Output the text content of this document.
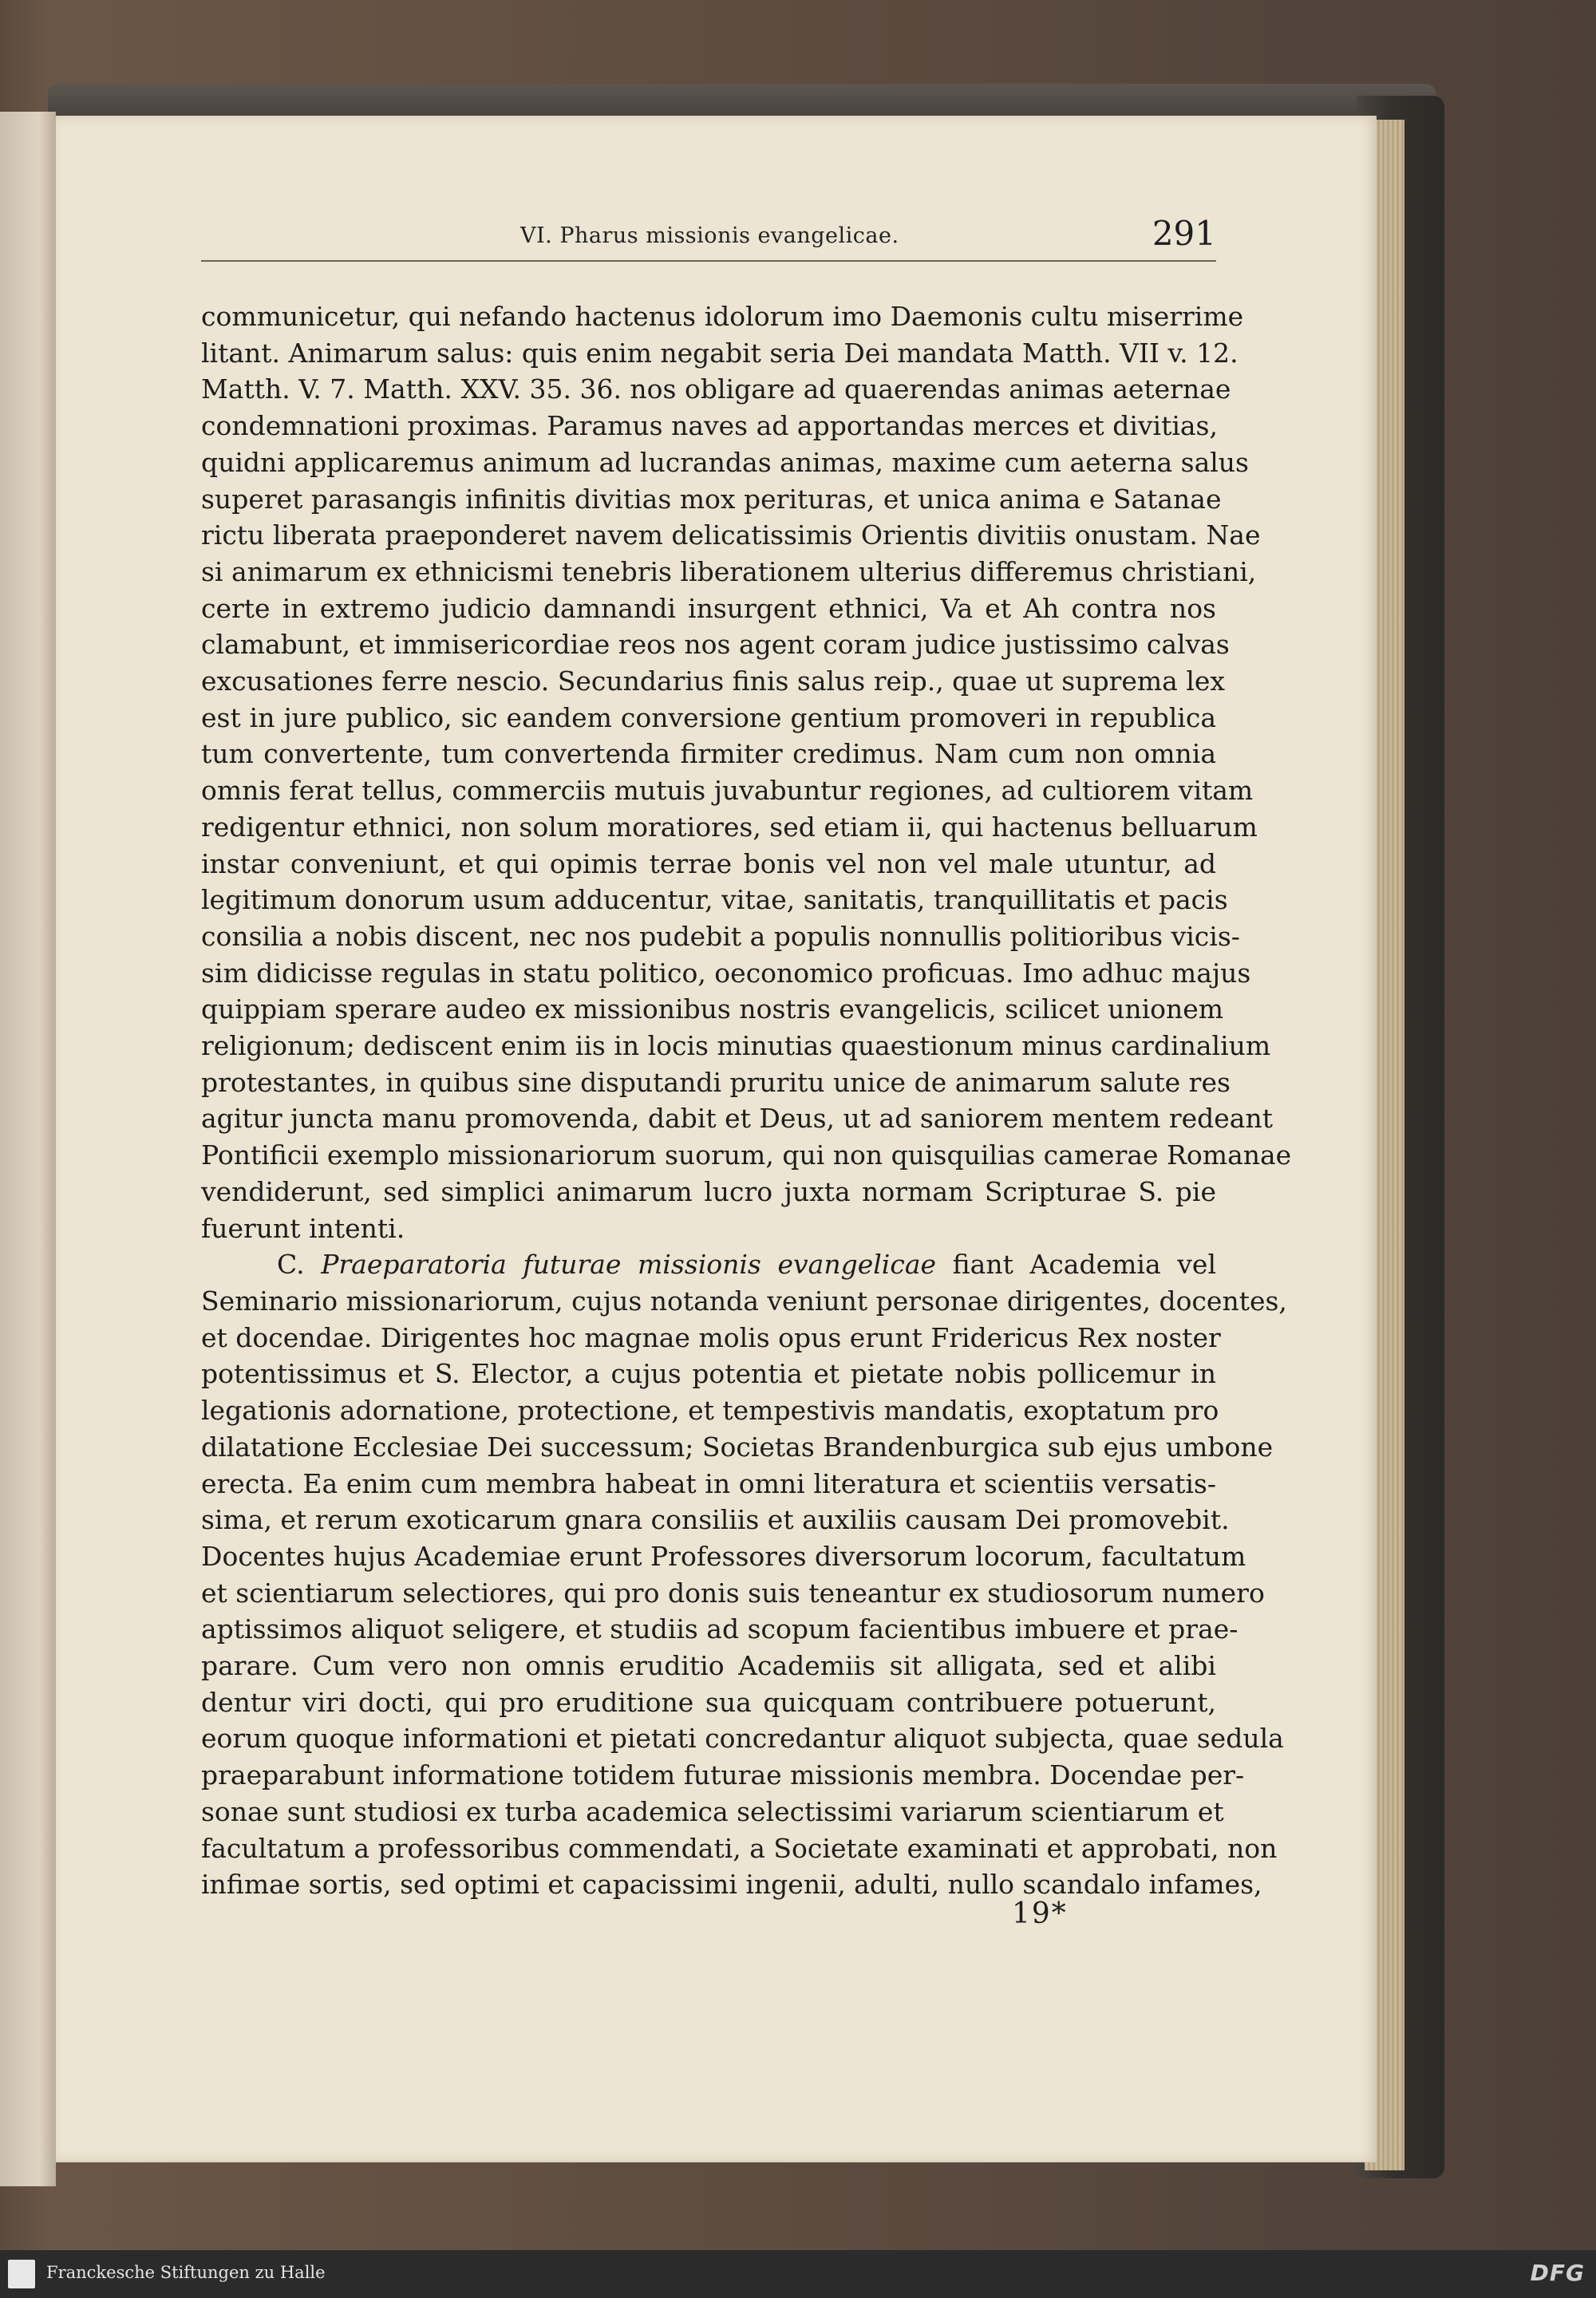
VI. Pharus missionis evangelicae.	291
communicetur, qui nefando hactenus idolorum imo Daemonis cultu miserrime
litant. Animarum salus: quis enim negabit seria Dei mandata Matth. VII v. 12.
Matth. V. 7. Matth. XXV. 35. 36. nos obligare ad quaerendas animas aeternae
condemnationi proximas. Paramus naves ad apportandas merces et divitias,
quidni applicaremus animum ad lucrandas animas, maxime cum aeterna salus
superet parasangis infinitis divitias mox perituras, et unica anima e Satanae
rictu liberata praeponderet navem delicatissimis Orientis divitiis onustam. Nae
si animarum ex ethnicismi tenebris liberationem ulterius differemus christiani,
certe in extremo judicio damnandi insurgent ethnici, Va et Ah contra nos
clamabunt, et immisericordiae reos nos agent coram judice justissimo calvas
excusationes ferre nescio. Secundarius finis salus reip., quae ut suprema lex
est in jure publico, sic eandem conversione gentium promoveri in republica
tum convertente, tum convertenda firmiter credimus. Nam cum non omnia
omnis ferat tellus, commerciis mutuis juvabuntur regiones, ad cultiorem vitam
redigentur ethnici, non solum moratiores, sed etiam ii, qui hactenus belluarum
instar conveniunt, et qui opimis terrae bonis vel non vel male utuntur, ad
legitimum donorum usum adducentur, vitae, sanitatis, tranquillitatis et pacis
consilia a nobis discent, nec nos pudebit a populis nonnullis politioribus vicis-
sim didicisse regulas in statu politico, oeconomico proficuas. Imo adhuc majus
quippiam sperare audeo ex missionibus nostris evangelicis, scilicet unionem
religionum; dediscent enim iis in locis minutias quaestionum minus cardinalium
protestantes, in quibus sine disputandi pruritu unice de animarum salute res
agitur juncta manu promovenda, dabit et Deus, ut ad saniorem mentem redeant
Pontificii exemplo missionariorum suorum, qui non quisquilias camerae Romanae
vendiderunt, sed simplici animarum lucro juxta normam Scripturae S. pie
fuerunt intenti.
C. Praeparatoria futurae missionis evangelicae fiant Academia vel
Seminario missionariorum, cujus notanda veniunt personae dirigentes, docentes,
et docendae. Dirigentes hoc magnae molis opus erunt Fridericus Rex noster
potentissimus et S. Elector, a cujus potentia et pietate nobis pollicemur in
legationis adornatione, protectione, et tempestivis mandatis, exoptatum pro
dilatatione Ecclesiae Dei successum; Societas Brandenburgica sub ejus umbone
erecta. Ea enim cum membra habeat in omni literatura et scientiis versatis-
sima, et rerum exoticarum gnara consiliis et auxiliis causam Dei promovebit.
Docentes hujus Academiae erunt Professores diversorum locorum, facultatum
et scientiarum selectiores, qui pro donis suis teneantur ex studiosorum numero
aptissimos aliquot seligere, et studiis ad scopum facientibus imbuere et prae-
parare. Cum vero non omnis eruditio Academiis sit alligata, sed et alibi
dentur viri docti, qui pro eruditione sua quicquam contribuere potuerunt,
eorum quoque informationi et pietati concredantur aliquot subjecta, quae sedula
praeparabunt informatione totidem futurae missionis membra. Docendae per-
sonae sunt studiosi ex turba academica selectissimi variarum scientiarum et
facultatum a professoribus commendati, a Societate examinati et approbati, non
infimae sortis, sed optimi et capacissimi ingenii, adulti, nullo scandalo infames,
19*
Franckesche Stiftungen zu Halle	DFG
